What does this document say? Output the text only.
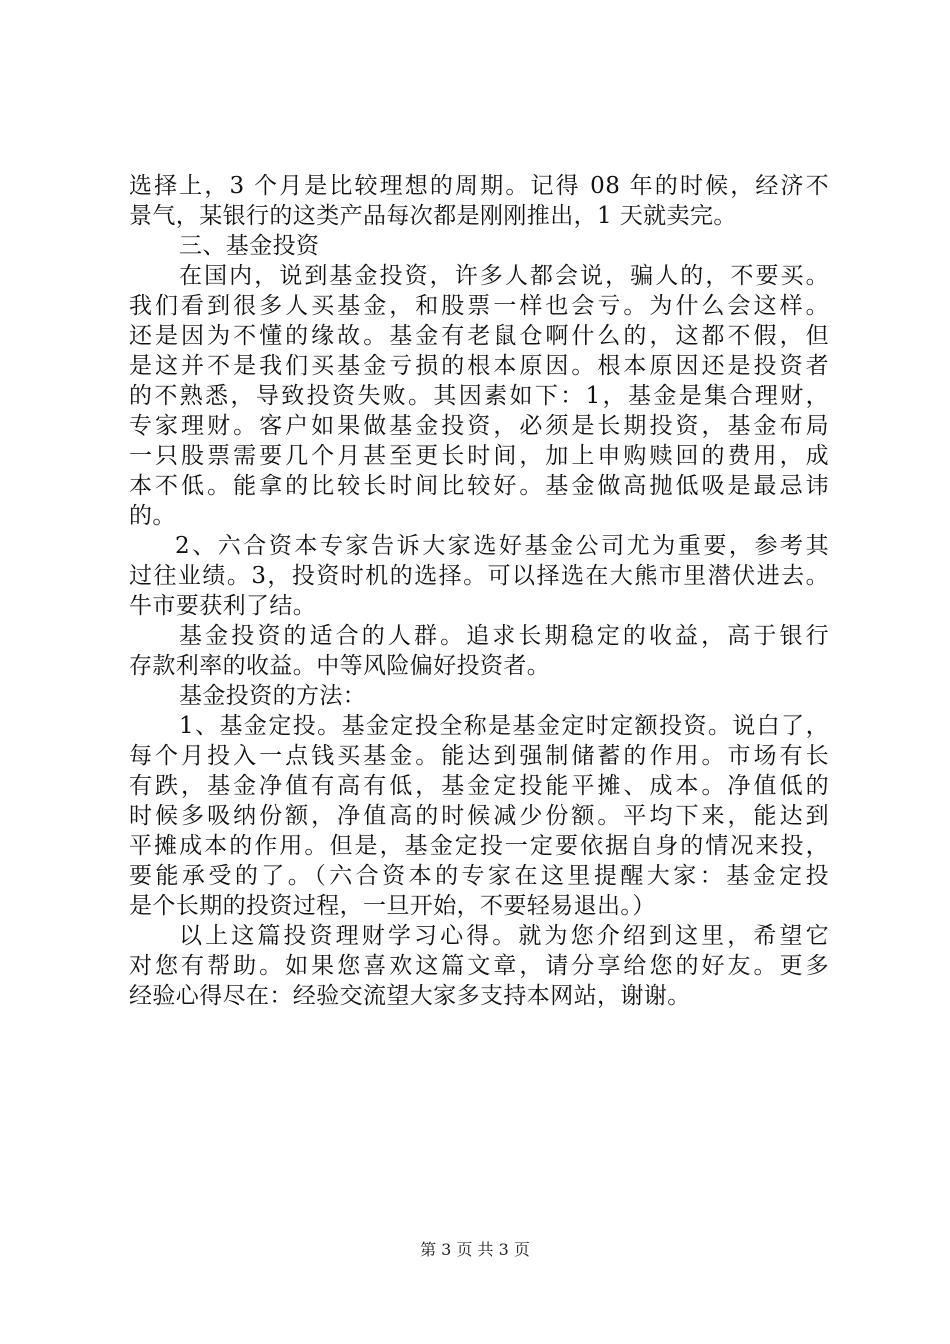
选择上，3 个月是比较理想的周期。记得 08 年的时候，经济不
景气，某银行的这类产品每次都是刚刚推出，1 天就卖完。
三、基金投资
在国内，说到基金投资，许多人都会说，骗人的，不要买。
我们看到很多人买基金，和股票一样也会亏。为什么会这样。
还是因为不懂的缘故。基金有老鼠仓啊什么的，这都不假，但
是这并不是我们买基金亏损的根本原因。根本原因还是投资者
的不熟悉，导致投资失败。其因素如下：1，基金是集合理财，
专家理财。客户如果做基金投资，必须是长期投资，基金布局
一只股票需要几个月甚至更长时间，加上申购赎回的费用，成
本不低。能拿的比较长时间比较好。基金做高抛低吸是最忌讳
的。
2、六合资本专家告诉大家选好基金公司尤为重要，参考其
过往业绩。3，投资时机的选择。可以择选在大熊市里潜伏进去。
牛市要获利了结。
基金投资的适合的人群。追求长期稳定的收益，高于银行
存款利率的收益。中等风险偏好投资者。
基金投资的方法：
1、基金定投。基金定投全称是基金定时定额投资。说白了，
每个月投入一点钱买基金。能达到强制储蓄的作用。市场有长
有跌，基金净值有高有低，基金定投能平摊、成本。净值低的
时候多吸纳份额，净值高的时候减少份额。平均下来，能达到
平摊成本的作用。但是，基金定投一定要依据自身的情况来投，
要能承受的了。（六合资本的专家在这里提醒大家：基金定投
是个长期的投资过程，一旦开始，不要轻易退出。）
以上这篇投资理财学习心得。就为您介绍到这里，希望它
对您有帮助。如果您喜欢这篇文章，请分享给您的好友。更多
经验心得尽在：经验交流望大家多支持本网站，谢谢。
第 3 页 共 3 页
